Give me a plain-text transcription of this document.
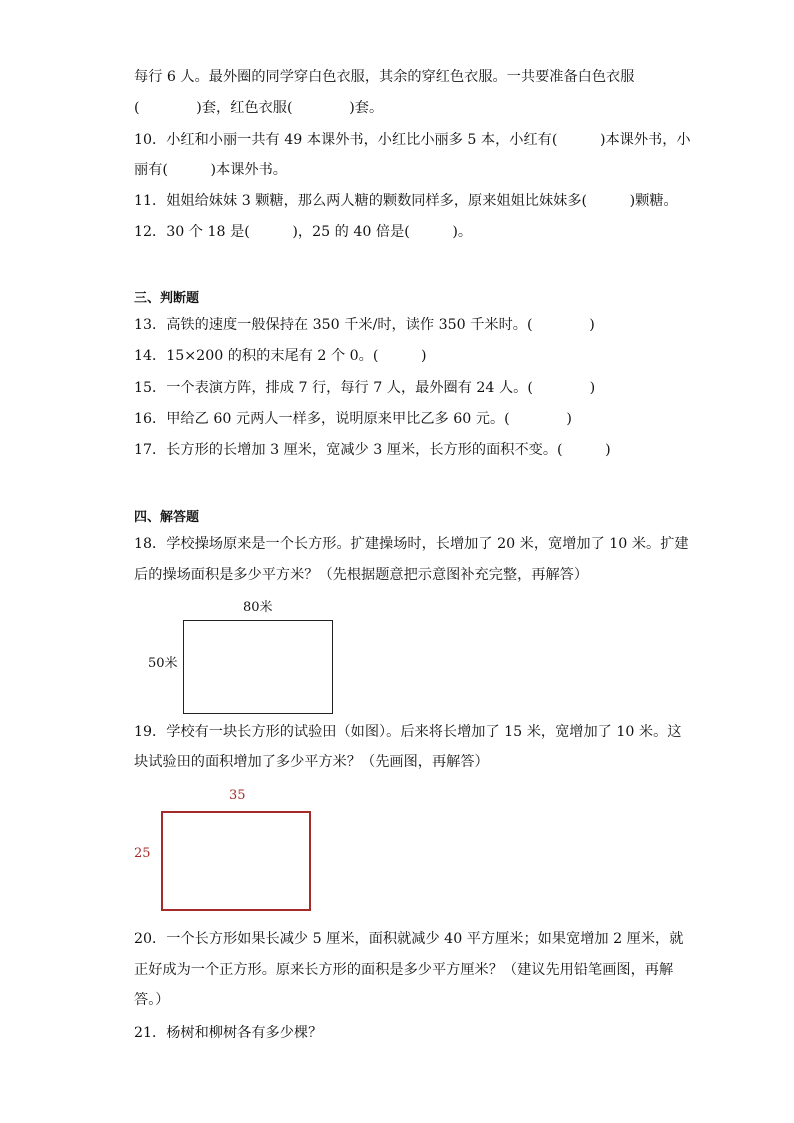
每行 6 人。最外圈的同学穿白色衣服，其余的穿红色衣服。一共要准备白色衣服
(　　　　)套，红色衣服(　　　　)套。
10．小红和小丽一共有 49 本课外书，小红比小丽多 5 本，小红有(　　　)本课外书，小
丽有(　　　)本课外书。
11．姐姐给妹妹 3 颗糖，那么两人糖的颗数同样多，原来姐姐比妹妹多(　　　)颗糖。
12．30 个 18 是(　　　)，25 的 40 倍是(　　　)。
三、判断题
13．高铁的速度一般保持在 350 千米/时，读作 350 千米时。(　　　　)
14．15×200 的积的末尾有 2 个 0。(　　　)
15．一个表演方阵，排成 7 行，每行 7 人，最外圈有 24 人。(　　　　)
16．甲给乙 60 元两人一样多，说明原来甲比乙多 60 元。(　　　　)
17．长方形的长增加 3 厘米，宽减少 3 厘米，长方形的面积不变。(　　　)
四、解答题
18．学校操场原来是一个长方形。扩建操场时，长增加了 20 米，宽增加了 10 米。扩建
后的操场面积是多少平方米？（先根据题意把示意图补充完整，再解答）
80米
50米
19．学校有一块长方形的试验田（如图）。后来将长增加了 15 米，宽增加了 10 米。这
块试验田的面积增加了多少平方米？（先画图，再解答）
35
25
20．一个长方形如果长减少 5 厘米，面积就减少 40 平方厘米；如果宽增加 2 厘米，就
正好成为一个正方形。原来长方形的面积是多少平方厘米？（建议先用铅笔画图，再解
答。）
21．杨树和柳树各有多少棵？
